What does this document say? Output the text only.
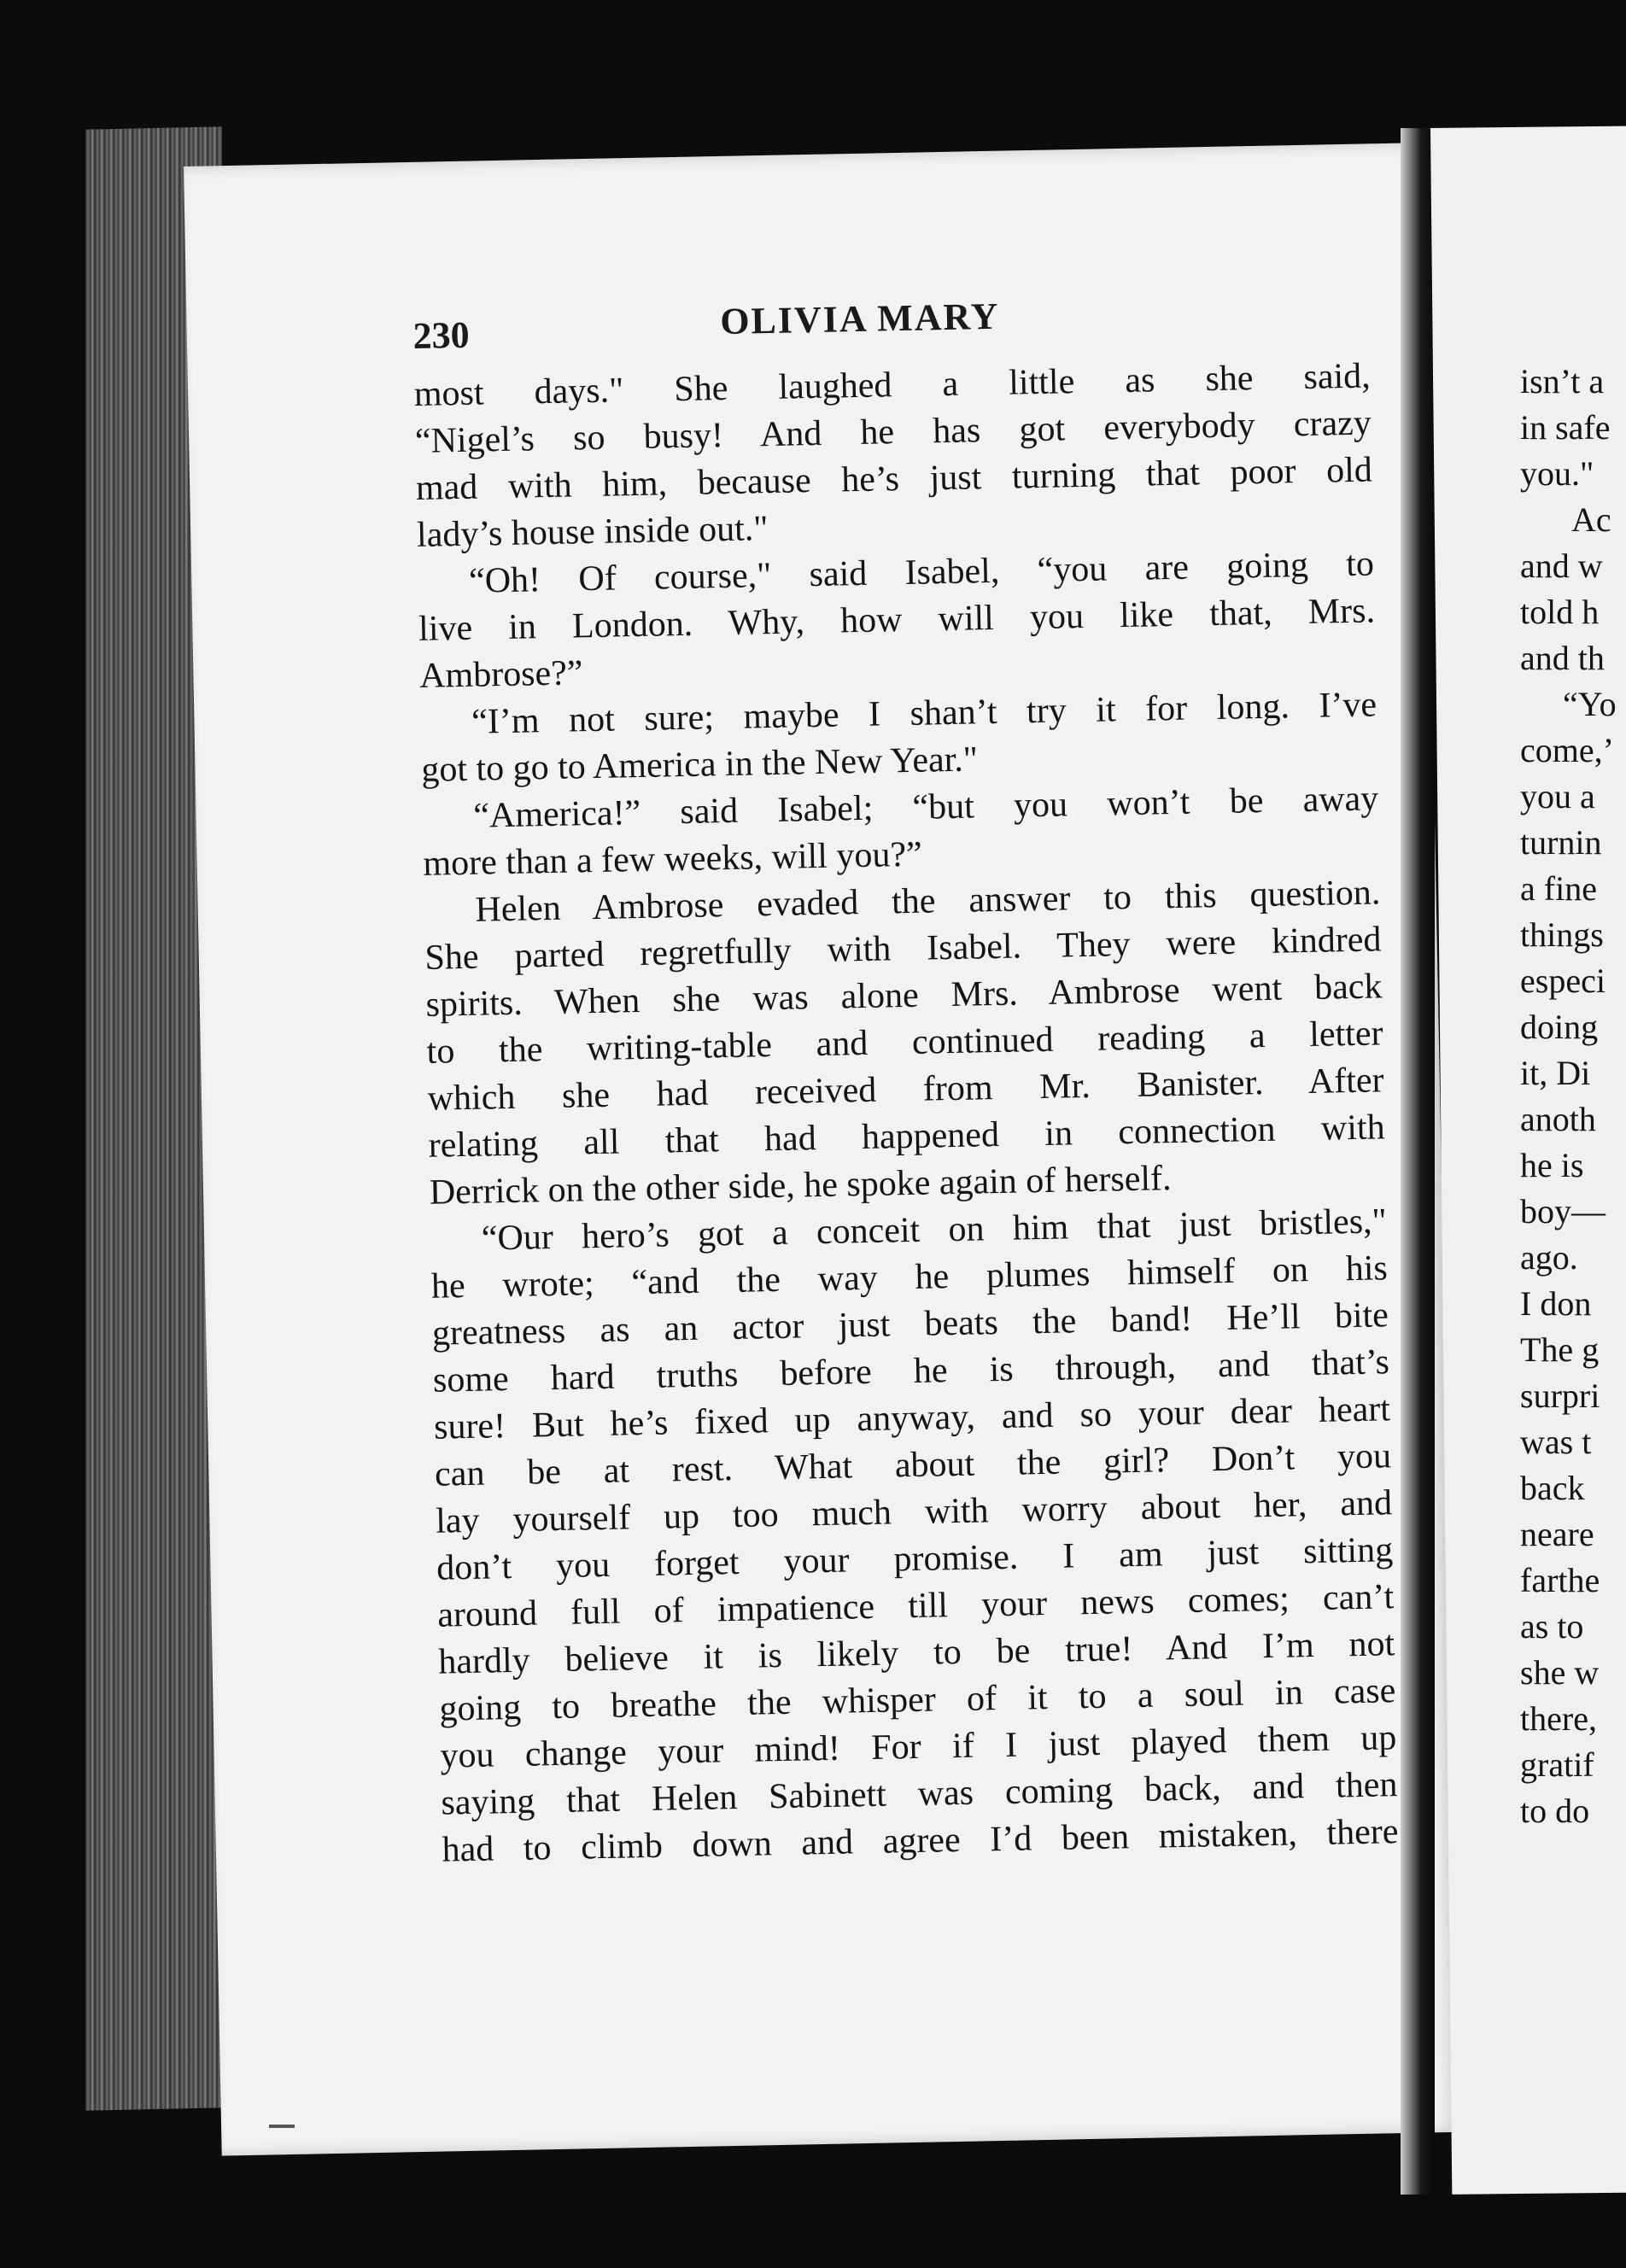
230	OLIVIA MARY
most days." She laughed a little as she said,
“Nigel’s so busy! And he has got everybody crazy
mad with him, because he’s just turning that poor old
lady’s house inside out."
“Oh! Of course," said Isabel, “you are going to
live in London. Why, how will you like that, Mrs.
Ambrose?”
“I’m not sure; maybe I shan’t try it for long. I’ve
got to go to America in the New Year."
“America!” said Isabel; “but you won’t be away
more than a few weeks, will you?”
Helen Ambrose evaded the answer to this question.
She parted regretfully with Isabel. They were kindred
spirits. When she was alone Mrs. Ambrose went back
to the writing-table and continued reading a letter
which she had received from Mr. Banister. After
relating all that had happened in connection with
Derrick on the other side, he spoke again of herself.
“Our hero’s got a conceit on him that just bristles,"
he wrote; “and the way he plumes himself on his
greatness as an actor just beats the band! He’ll bite
some hard truths before he is through, and that’s
sure! But he’s fixed up anyway, and so your dear heart
can be at rest. What about the girl? Don’t you
lay yourself up too much with worry about her, and
don’t you forget your promise. I am just sitting
around full of impatience till your news comes; can’t
hardly believe it is likely to be true! And I’m not
going to breathe the whisper of it to a soul in case
you change your mind! For if I just played them up
saying that Helen Sabinett was coming back, and then
had to climb down and agree I’d been mistaken, there
isn’t a
in safe
you."
Ac
and w
told h
and th
“Yo
come,’
you a
turnin
a fine
things
especi
doing
it, Di
anoth
he is
boy—
ago.
I don
The g
surpri
was t
back
neare
farthe
as to
she w
there,
gratif
to do
